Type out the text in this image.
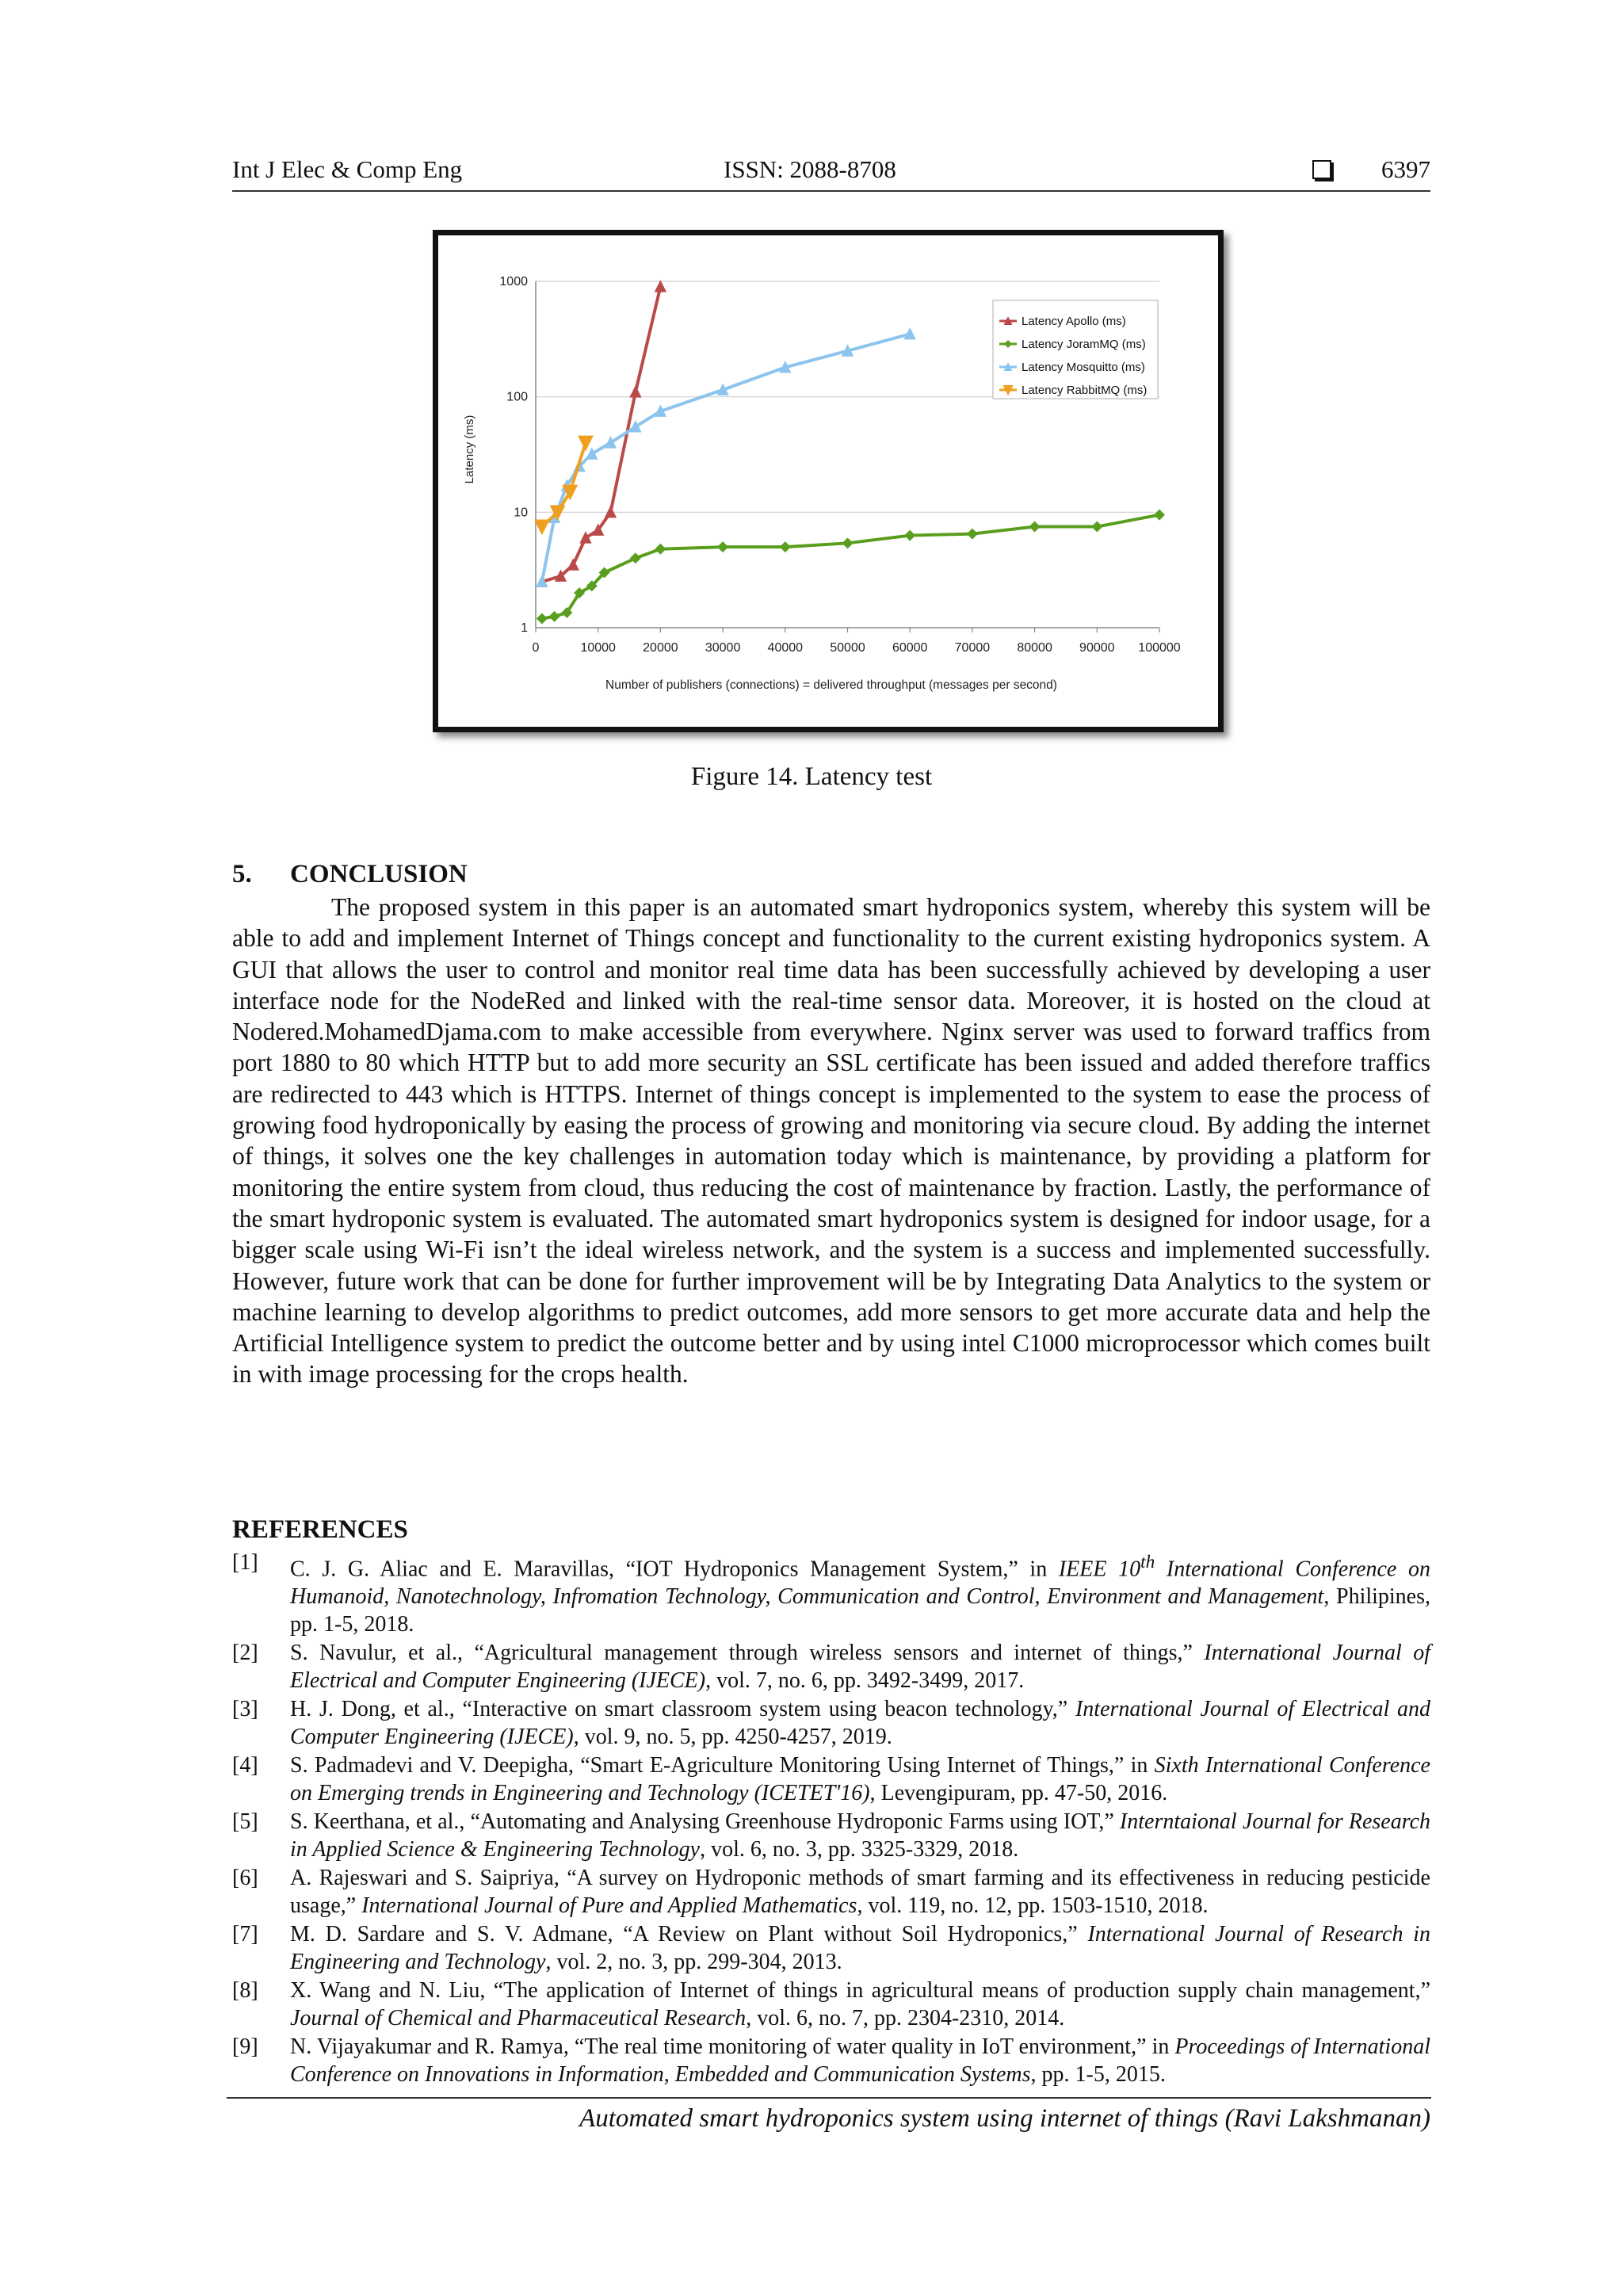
Int J Elec & Comp Eng	ISSN: 2088-8708	6397
1
10
100
1000
0	10000 20000 30000 40000 50000 60000 70000 80000 90000 100000
Latency Apollo (ms)
Latency JoramMQ (ms)
Latency Mosquitto (ms)
Latency RabbitMQ (ms)
Latency (ms)
Number of publishers (connections) = delivered throughput (messages per second)
Figure 14. Latency test
5. CONCLUSION

The proposed system in this paper is an automated smart hydroponics system, whereby this system will be able to add and implement Internet of Things concept and functionality to the current existing hydroponics system. A GUI that allows the user to control and monitor real time data has been successfully achieved by developing a user interface node for the NodeRed and linked with the real-time sensor data. Moreover, it is hosted on the cloud at Nodered.MohamedDjama.com to make accessible from everywhere. Nginx server was used to forward traffics from port 1880 to 80 which HTTP but to add more security an SSL certificate has been issued and added therefore traffics are redirected to 443 which is HTTPS. Internet of things concept is implemented to the system to ease the process of growing food hydroponically by easing the process of growing and monitoring via secure cloud. By adding the internet of things, it solves one the key challenges in automation today which is maintenance, by providing a platform for monitoring the entire system from cloud, thus reducing the cost of maintenance by fraction. Lastly, the performance of the smart hydroponic system is evaluated. The automated smart hydroponics system is designed for indoor usage, for a bigger scale using Wi-Fi isn’t the ideal wireless network, and the system is a success and implemented successfully. However, future work that can be done for further improvement will be by Integrating Data Analytics to the system or machine learning to develop algorithms to predict outcomes, add more sensors to get more accurate data and help the Artificial Intelligence system to predict the outcome better and by using intel C1000 microprocessor which comes built in with image processing for the crops health.

REFERENCES
[1] C. J. G. Aliac and E. Maravillas, “IOT Hydroponics Management System,” in IEEE 10th International Conference on Humanoid, Nanotechnology, Infromation Technology, Communication and Control, Environment and Management, Philipines, pp. 1-5, 2018.
[2] S. Navulur, et al., “Agricultural management through wireless sensors and internet of things,” International Journal of Electrical and Computer Engineering (IJECE), vol. 7, no. 6, pp. 3492-3499, 2017.
[3] H. J. Dong, et al., “Interactive on smart classroom system using beacon technology,” International Journal of Electrical and Computer Engineering (IJECE), vol. 9, no. 5, pp. 4250-4257, 2019.
[4] S. Padmadevi and V. Deepigha, “Smart E-Agriculture Monitoring Using Internet of Things,” in Sixth International Conference on Emerging trends in Engineering and Technology (ICETET'16), Levengipuram, pp. 47-50, 2016.
[5] S. Keerthana, et al., “Automating and Analysing Greenhouse Hydroponic Farms using IOT,” Interntaional Journal for Research in Applied Science & Engineering Technology, vol. 6, no. 3, pp. 3325-3329, 2018.
[6] A. Rajeswari and S. Saipriya, “A survey on Hydroponic methods of smart farming and its effectiveness in reducing pesticide usage,” International Journal of Pure and Applied Mathematics, vol. 119, no. 12, pp. 1503-1510, 2018.
[7] M. D. Sardare and S. V. Admane, “A Review on Plant without Soil Hydroponics,” International Journal of Research in Engineering and Technology, vol. 2, no. 3, pp. 299-304, 2013.
[8] X. Wang and N. Liu, “The application of Internet of things in agricultural means of production supply chain management,” Journal of Chemical and Pharmaceutical Research, vol. 6, no. 7, pp. 2304-2310, 2014.
[9] N. Vijayakumar and R. Ramya, “The real time monitoring of water quality in IoT environment,” in Proceedings of International Conference on Innovations in Information, Embedded and Communication Systems, pp. 1-5, 2015.
Automated smart hydroponics system using internet of things (Ravi Lakshmanan)
